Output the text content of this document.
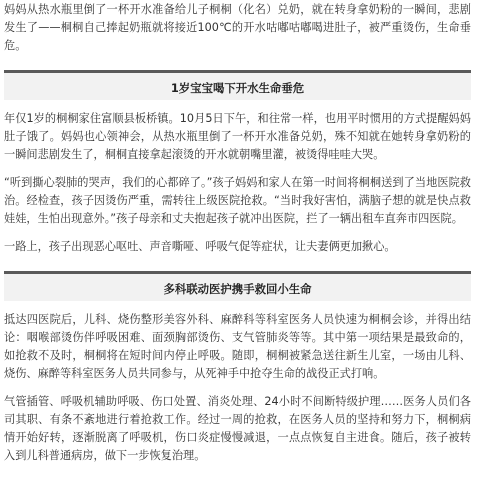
妈妈从热水瓶里倒了一杯开水准备给儿子桐桐（化名）兑奶，就在转身拿奶粉的一瞬间，悲剧发生了——桐桐自己捧起奶瓶就将接近100℃的开水咕嘟咕嘟喝进肚子，被严重烫伤，生命垂危。

1岁宝宝喝下开水生命垂危

年仅1岁的桐桐家住富顺县板桥镇。10月5日下午，和往常一样，也用平时惯用的方式提醒妈妈肚子饿了。妈妈也心领神会，从热水瓶里倒了一杯开水准备兑奶，殊不知就在她转身拿奶粉的一瞬间悲剧发生了，桐桐直接拿起滚烫的开水就朝嘴里灌，被烫得哇哇大哭。

“听到撕心裂肺的哭声，我们的心都碎了。”孩子妈妈和家人在第一时间将桐桐送到了当地医院救治。经检查，孩子因烫伤严重，需转往上级医院抢救。“当时我好害怕，满脑子想的就是快点救娃娃，生怕出现意外。”孩子母亲和丈夫抱起孩子就冲出医院，拦了一辆出租车直奔市四医院。

一路上，孩子出现恶心呕吐、声音嘶哑、呼吸气促等症状，让夫妻俩更加揪心。

多科联动医护携手救回小生命

抵达四医院后，儿科、烧伤整形美容外科、麻醉科等科室医务人员快速为桐桐会诊，并得出结论：咽喉部烫伤伴呼吸困难、面颈胸部烫伤、支气管肺炎等等。其中第一项结果是最致命的，如抢救不及时，桐桐将在短时间内停止呼吸。随即，桐桐被紧急送往新生儿室，一场由儿科、烧伤、麻醉等科室医务人员共同参与，从死神手中抢夺生命的战役正式打响。

气管插管、呼吸机辅助呼吸、伤口处置、消炎处理、24小时不间断特级护理……医务人员们各司其职、有条不紊地进行着抢救工作。经过一周的抢救，在医务人员的坚持和努力下，桐桐病情开始好转，逐渐脱离了呼吸机，伤口炎症慢慢减退，一点点恢复自主进食。随后，孩子被转入到儿科普通病房，做下一步恢复治理。
